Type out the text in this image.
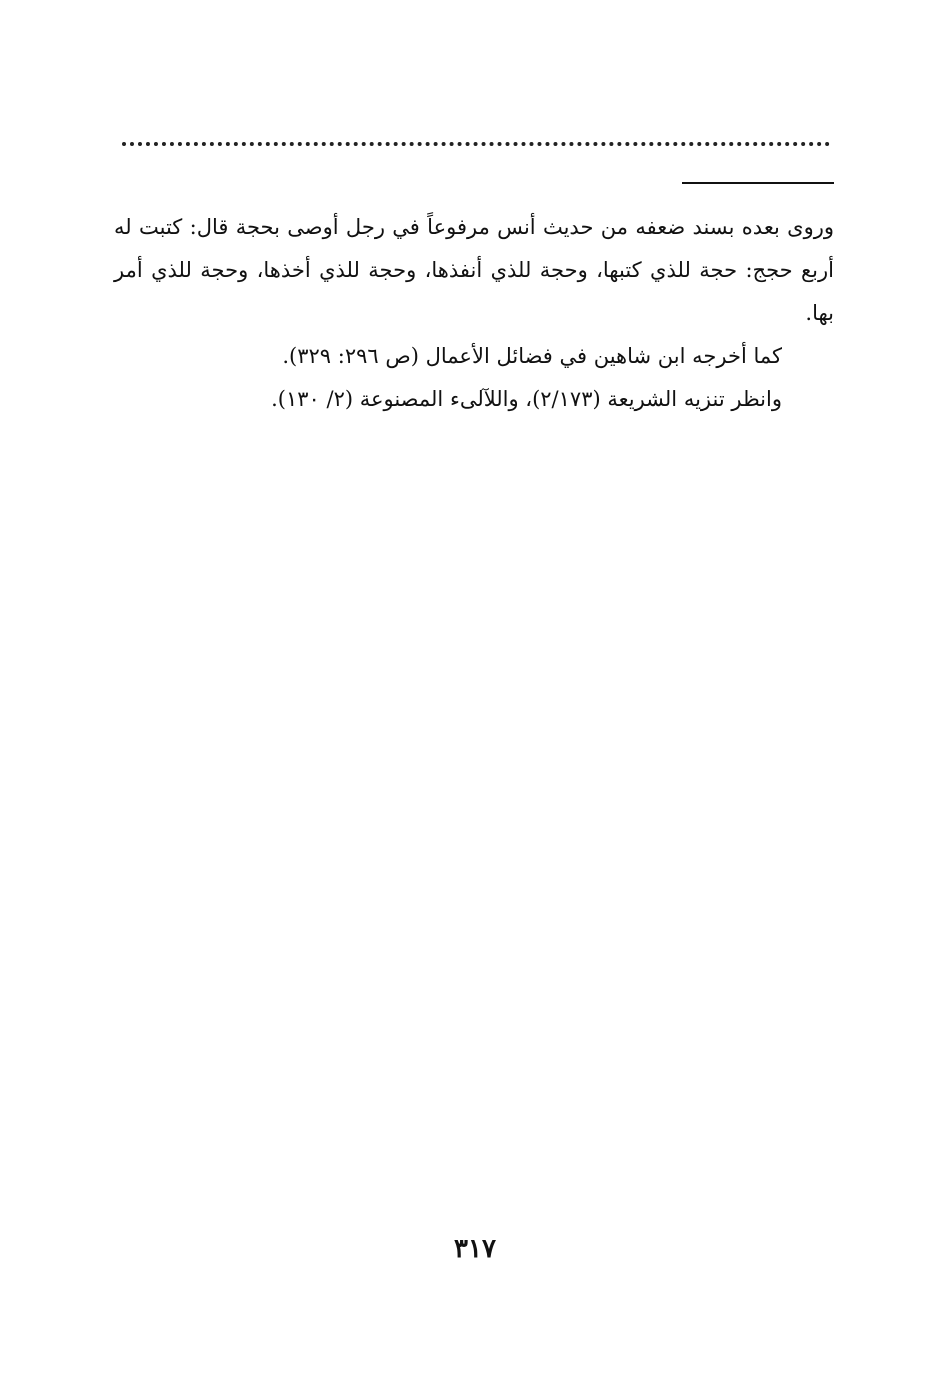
وروى بعده بسند ضعفه من حديث أنس مرفوعاً في رجل أوصى بحجة قال: كتبت له أربع حجج: حجة للذي كتبها، وحجة للذي أنفذها، وحجة للذي أخذها، وحجة للذي أمر بها.

كما أخرجه ابن شاهين في فضائل الأعمال (ص ٢٩٦: ٣٢٩).

وانظر تنزيه الشريعة (٢/١٧٣)، واللآلىء المصنوعة (٢/ ١٣٠).

٣١٧
